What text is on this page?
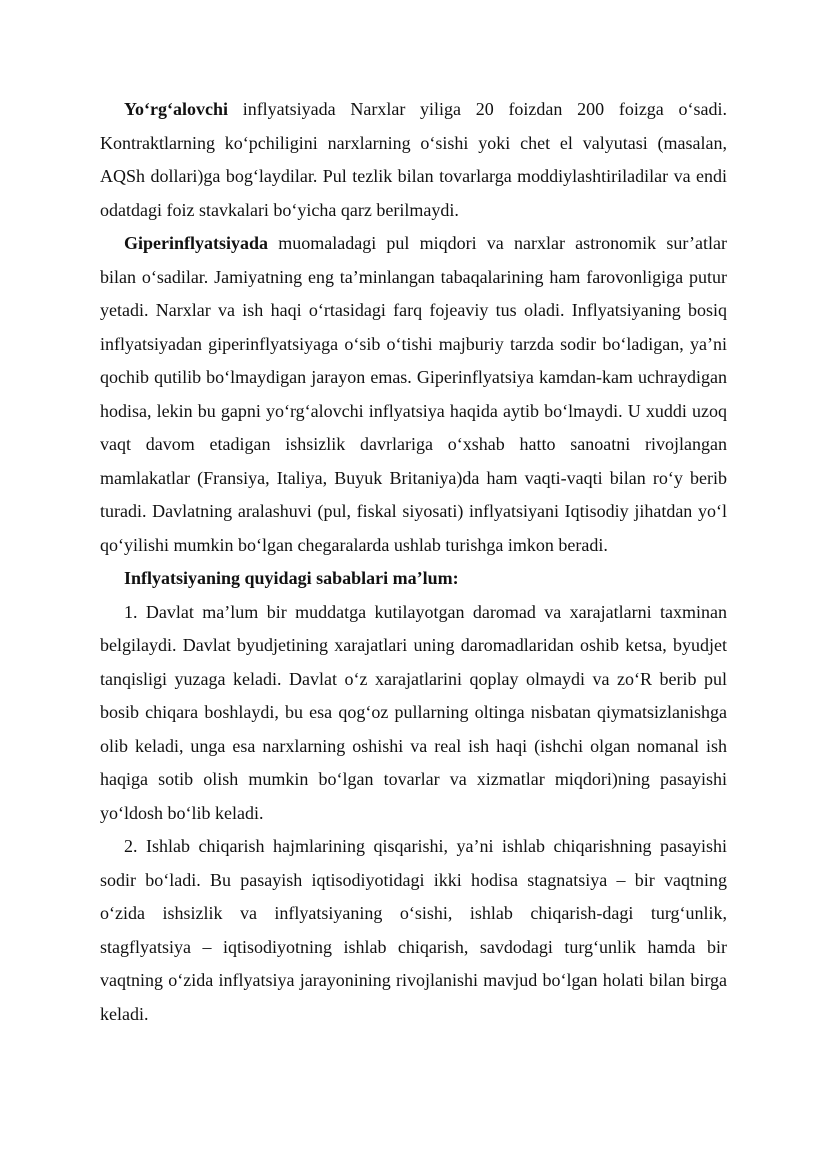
Yo‘rg‘alovchi inflyatsiyada Narxlar yiliga 20 foizdan 200 foizga o‘sadi. Kontraktlarning ko‘pchiligini narxlarning o‘sishi yoki chet el valyutasi (masalan, AQSh dollari)ga bog‘laydilar. Pul tezlik bilan tovarlarga moddiylashtiriladilar va endi odatdagi foiz stavkalari bo‘yicha qarz berilmaydi.

Giperinflyatsiyada muomaladagi pul miqdori va narxlar astronomik sur’atlar bilan o‘sadilar. Jamiyatning eng ta’minlangan tabaqalarining ham farovonligiga putur yetadi. Narxlar va ish haqi o‘rtasidagi farq fojeaviy tus oladi. Inflyatsiyaning bosiq inflyatsiyadan giperinflyatsiyaga o‘sib o‘tishi majburiy tarzda sodir bo‘ladigan, ya’ni qochib qutilib bo‘lmaydigan jarayon emas. Giperinflyatsiya kamdan-kam uchraydigan hodisa, lekin bu gapni yo‘rg‘alovchi inflyatsiya haqida aytib bo‘lmaydi. U xuddi uzoq vaqt davom etadigan ishsizlik davrlariga o‘xshab hatto sanoatni rivojlangan mamlakatlar (Fransiya, Italiya, Buyuk Britaniya)da ham vaqti-vaqti bilan ro‘y berib turadi. Davlatning aralashuvi (pul, fiskal siyosati) inflyatsiyani Iqtisodiy jihatdan yo‘l qo‘yilishi mumkin bo‘lgan chegaralarda ushlab turishga imkon beradi.

Inflyatsiyaning quyidagi sabablari ma’lum:

1. Davlat ma’lum bir muddatga kutilayotgan daromad va xarajatlarni taxminan belgilaydi. Davlat byudjetining xarajatlari uning daromadlaridan oshib ketsa, byudjet tanqisligi yuzaga keladi. Davlat o‘z xarajatlarini qoplay olmaydi va zo‘R berib pul bosib chiqara boshlaydi, bu esa qog‘oz pullarning oltinga nisbatan qiymatsizlanishga olib keladi, unga esa narxlarning oshishi va real ish haqi (ishchi olgan nomanal ish haqiga sotib olish mumkin bo‘lgan tovarlar va xizmatlar miqdori)ning pasayishi yo‘ldosh bo‘lib keladi.

2. Ishlab chiqarish hajmlarining qisqarishi, ya’ni ishlab chiqarishning pasayishi sodir bo‘ladi. Bu pasayish iqtisodiyotidagi ikki hodisa stagnatsiya – bir vaqtning o‘zida ishsizlik va inflyatsiyaning o‘sishi, ishlab chiqarish-dagi turg‘unlik, stagflyatsiya – iqtisodiyotning ishlab chiqarish, savdodagi turg‘unlik hamda bir vaqtning o‘zida inflyatsiya jarayonining rivojlanishi mavjud bo‘lgan holati bilan birga keladi.
